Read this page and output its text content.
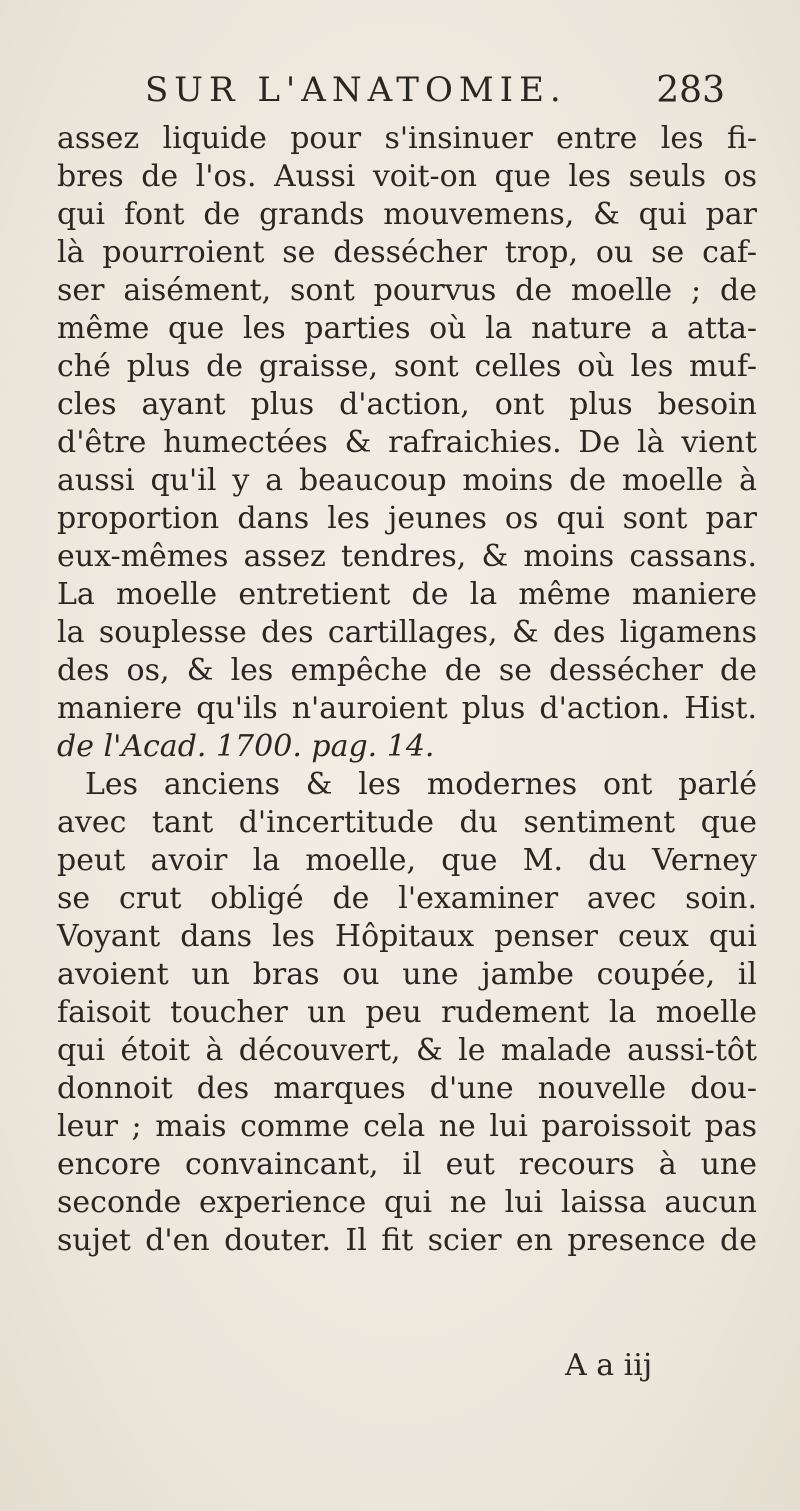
SUR L'ANATOMIE. 283
assez liquide pour s'insinuer entre les fi-
bres de l'os. Aussi voit-on que les seuls os
qui font de grands mouvemens, & qui par
là pourroient se dessécher trop, ou se caf-
ser aisément, sont pourvus de moelle ; de
même que les parties où la nature a atta-
ché plus de graisse, sont celles où les muf-
cles ayant plus d'action, ont plus besoin
d'être humectées & rafraichies. De là vient
aussi qu'il y a beaucoup moins de moelle à
proportion dans les jeunes os qui sont par
eux-mêmes assez tendres, & moins cassans.
La moelle entretient de la même maniere
la souplesse des cartillages, & des ligamens
des os, & les empêche de se dessécher de
maniere qu'ils n'auroient plus d'action. Hist.
de l'Acad. 1700. pag. 14.
Les anciens & les modernes ont parlé
avec tant d'incertitude du sentiment que
peut avoir la moelle, que M. du Verney
se crut obligé de l'examiner avec soin.
Voyant dans les Hôpitaux penser ceux qui
avoient un bras ou une jambe coupée, il
faisoit toucher un peu rudement la moelle
qui étoit à découvert, & le malade aussi-tôt
donnoit des marques d'une nouvelle dou-
leur ; mais comme cela ne lui paroissoit pas
encore convaincant, il eut recours à une
seconde experience qui ne lui laissa aucun
sujet d'en douter. Il fit scier en presence de
A a iij
